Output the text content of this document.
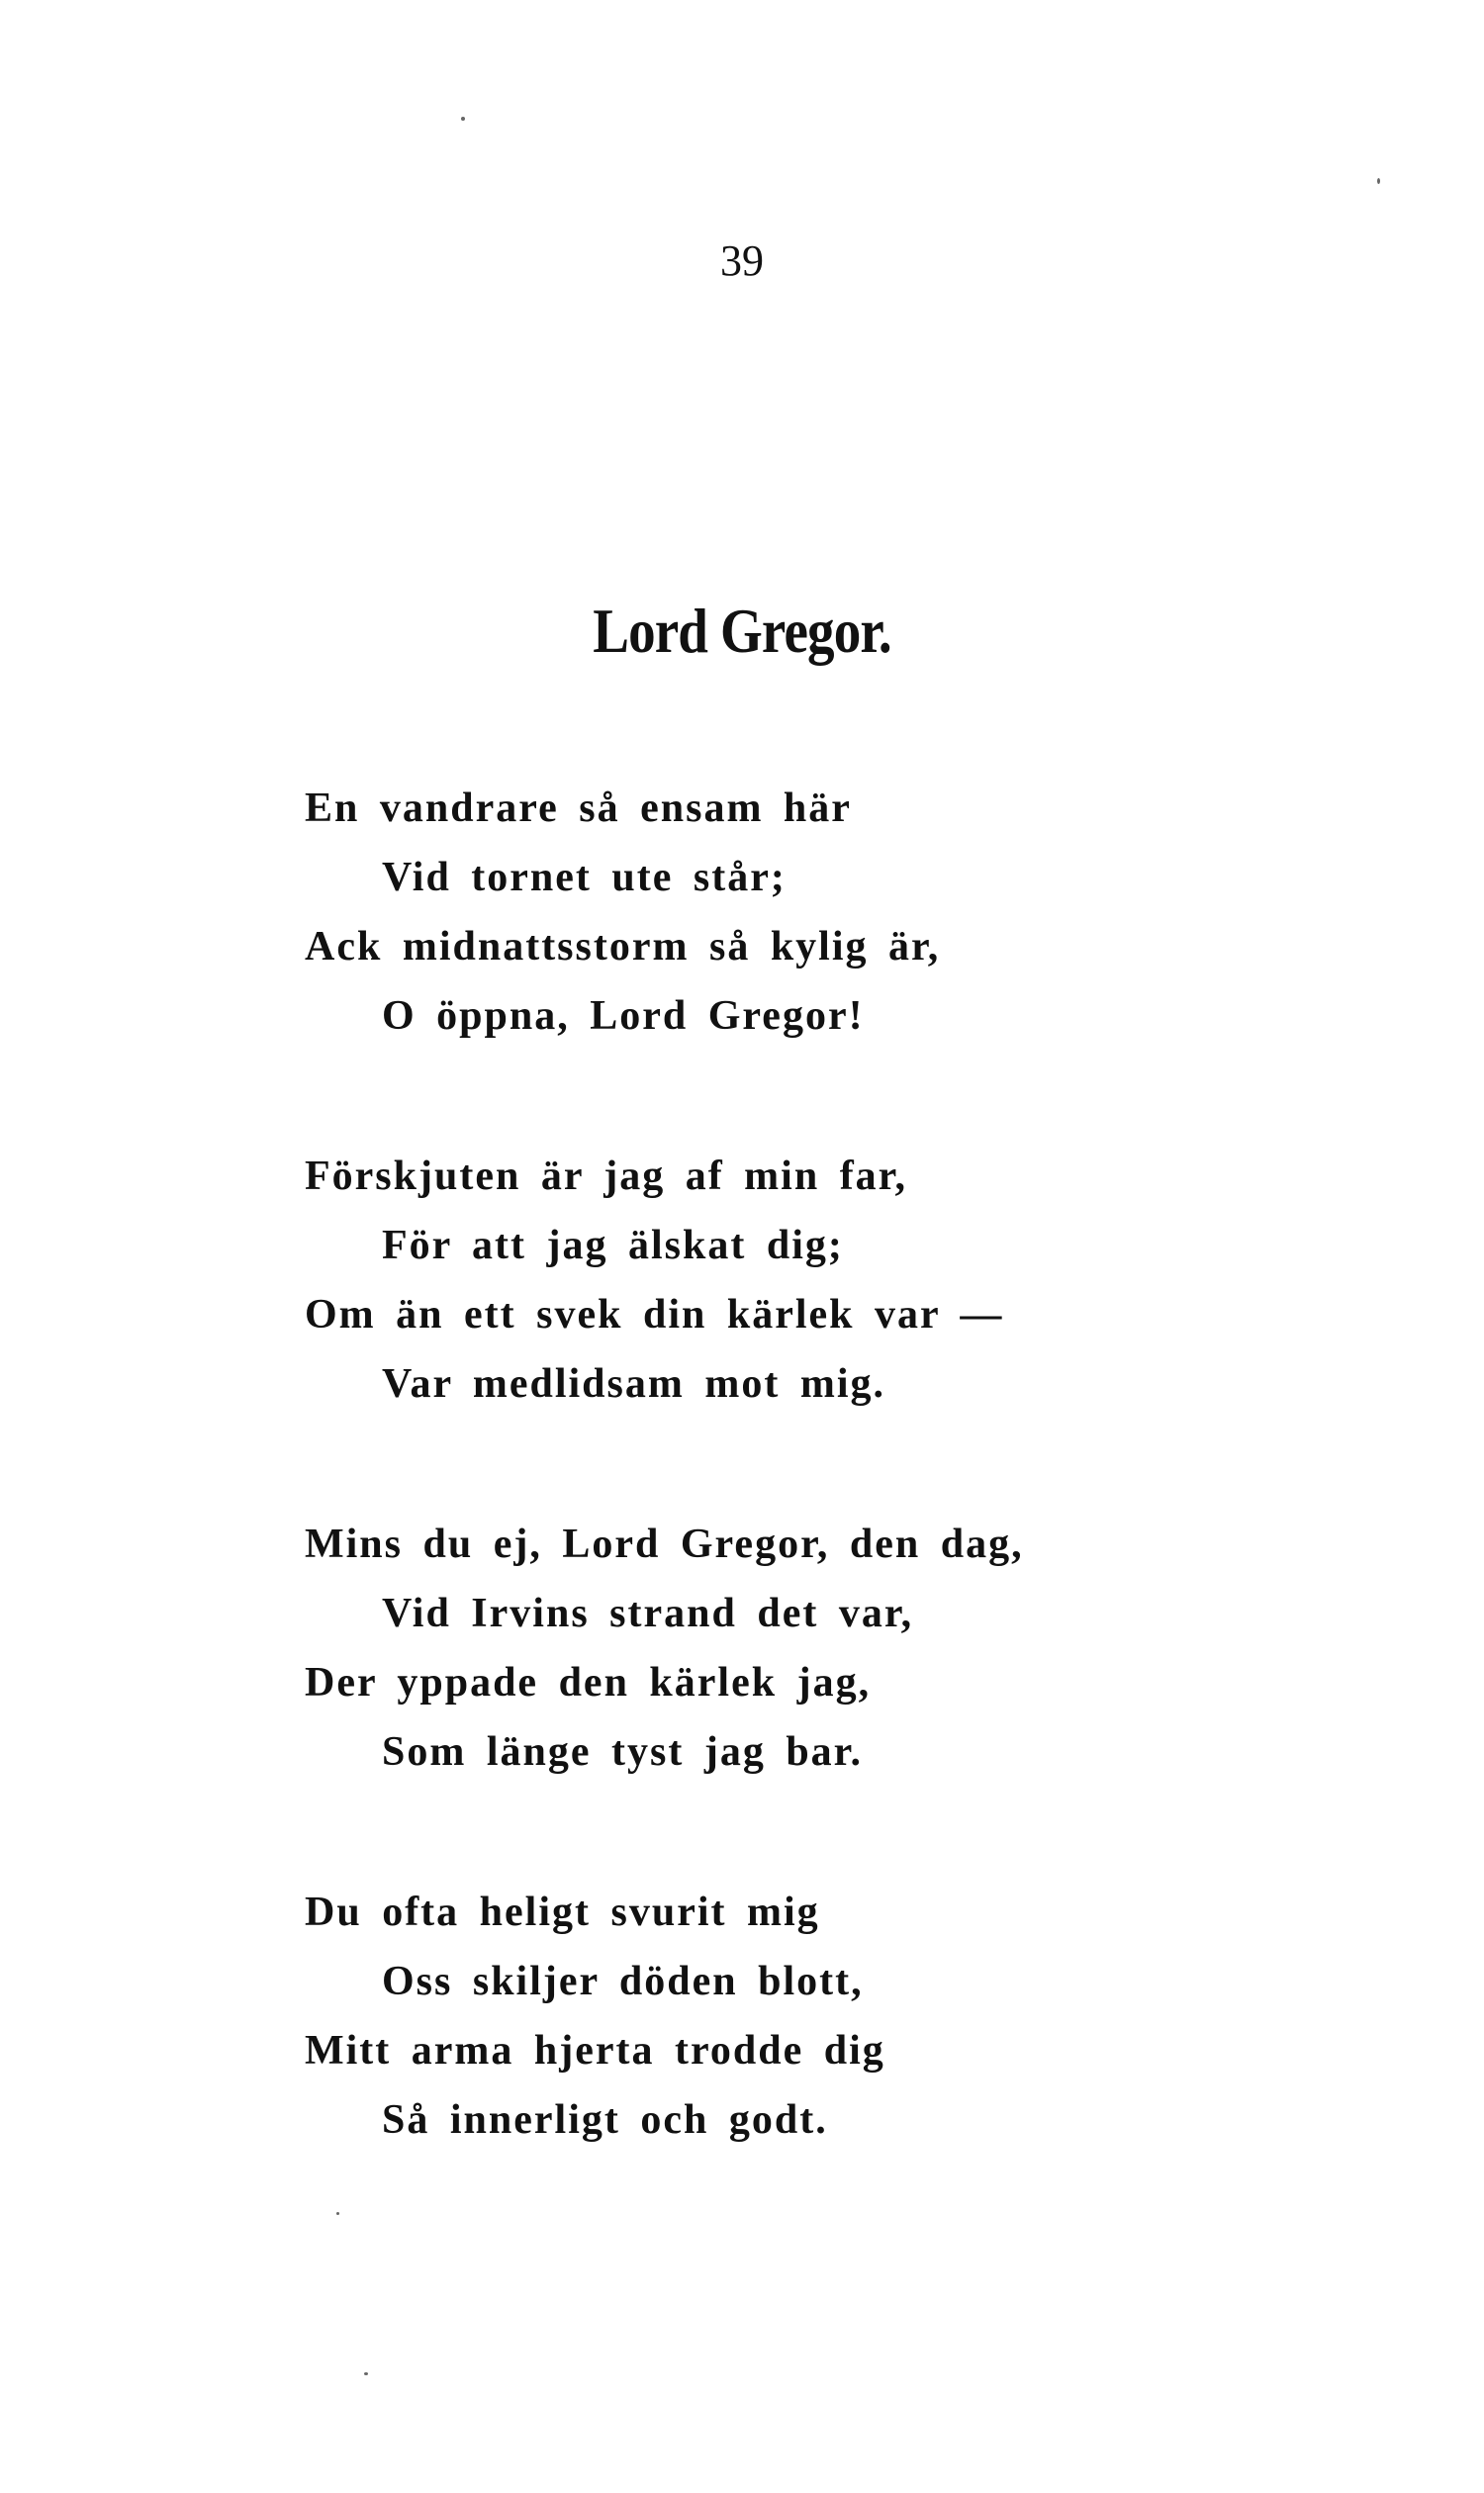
39
Lord Gregor.
En vandrare så ensam här
Vid tornet ute står;
Ack midnattsstorm så kylig är,
O öppna, Lord Gregor!
Förskjuten är jag af min far,
För att jag älskat dig;
Om än ett svek din kärlek var —
Var medlidsam mot mig.
Mins du ej, Lord Gregor, den dag,
Vid Irvins strand det var,
Der yppade den kärlek jag,
Som länge tyst jag bar.
Du ofta heligt svurit mig
Oss skiljer döden blott,
Mitt arma hjerta trodde dig
Så innerligt och godt.
